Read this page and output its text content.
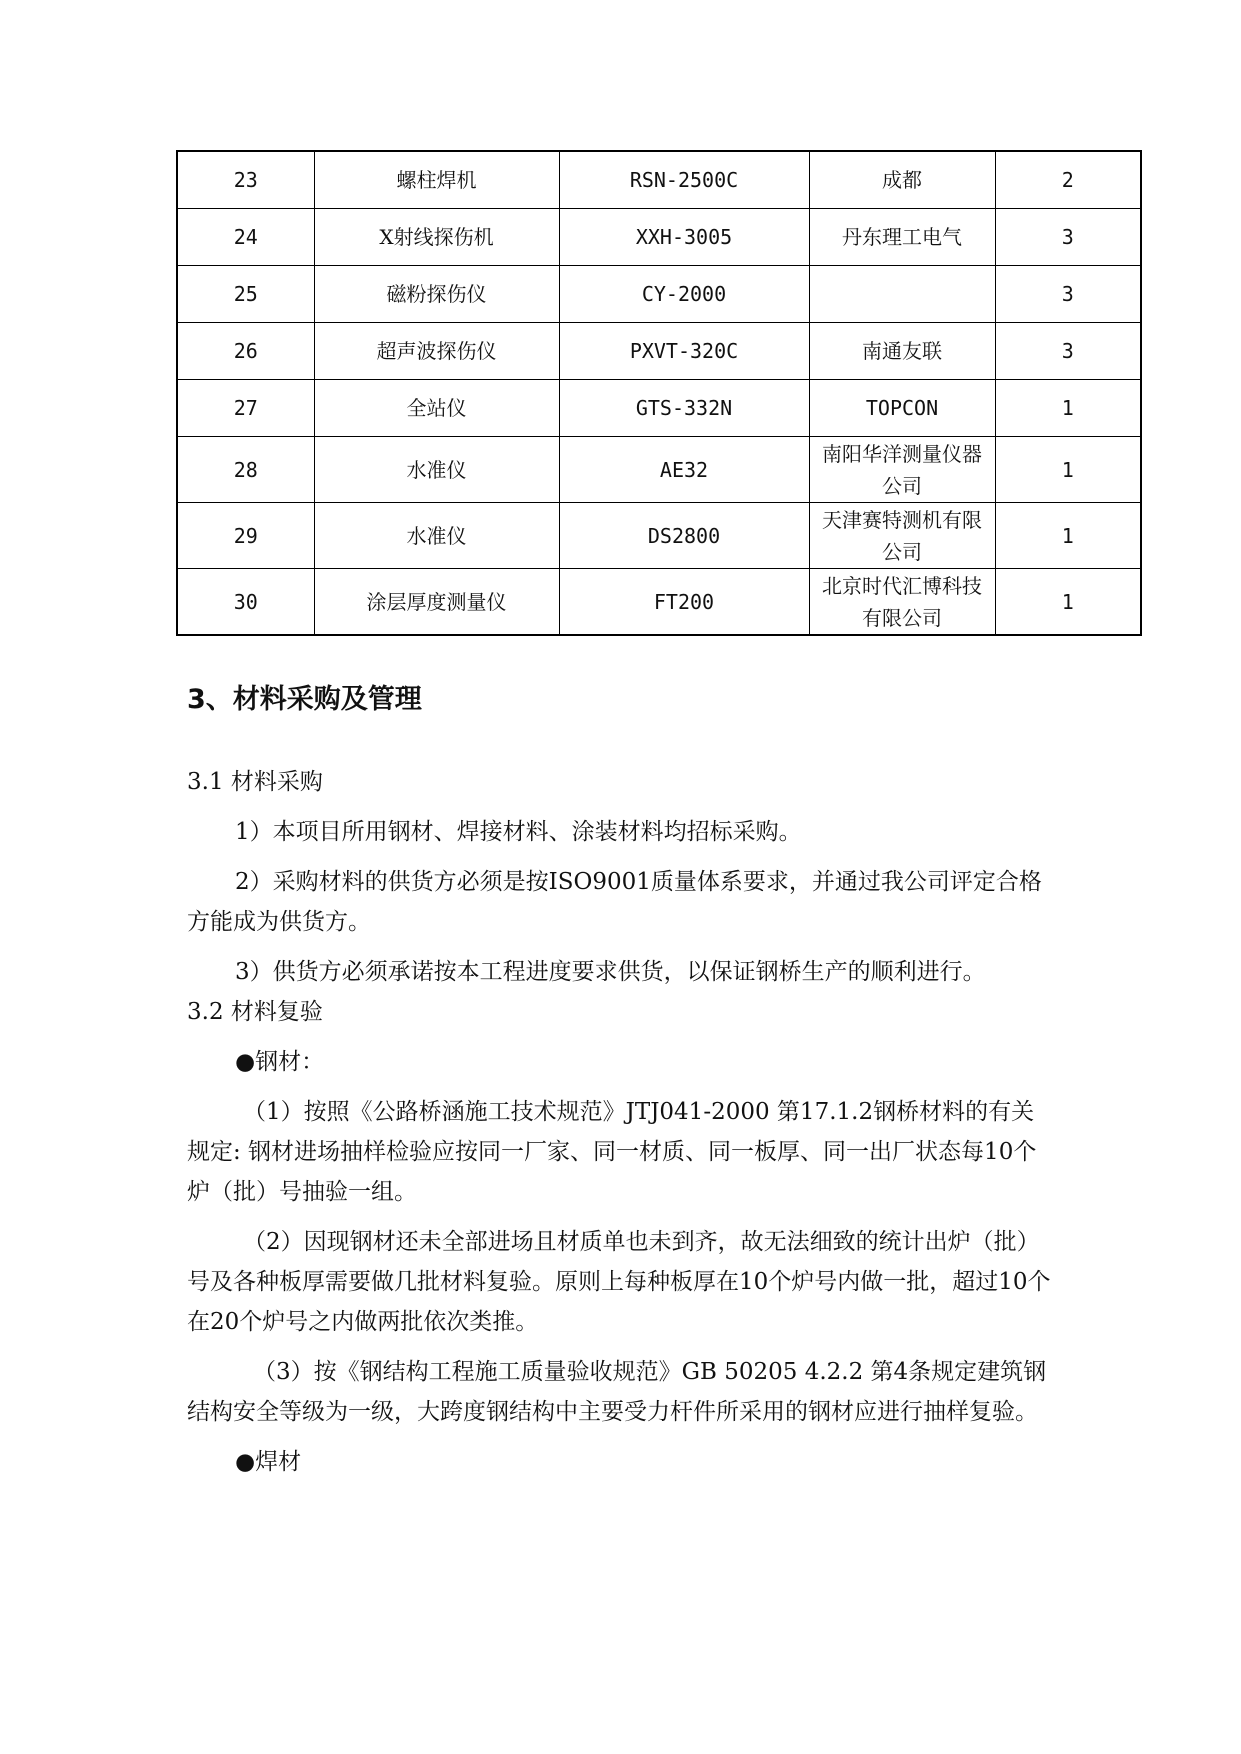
23	螺柱焊机	RSN-2500C	成都	2
24	X射线探伤机	XXH-3005	丹东理工电气	3
25	磁粉探伤仪	CY-2000		3
26	超声波探伤仪	PXVT-320C	南通友联	3
27	全站仪	GTS-332N	TOPCON	1
28	水准仪	AE32	南阳华洋测量仪器公司	1
29	水准仪	DS2800	天津赛特测机有限公司	1
30	涂层厚度测量仪	FT200	北京时代汇博科技有限公司	1
3、材料采购及管理

3.1 材料采购

1）本项目所用钢材、焊接材料、涂装材料均招标采购。

2）采购材料的供货方必须是按ISO9001质量体系要求，并通过我公司评定合格方能成为供货方。

3）供货方必须承诺按本工程进度要求供货，以保证钢桥生产的顺利进行。

3.2 材料复验

●钢材：

（1）按照《公路桥涵施工技术规范》JTJ041-2000 第17.1.2钢桥材料的有关规定: 钢材进场抽样检验应按同一厂家、同一材质、同一板厚、同一出厂状态每10个炉（批）号抽验一组。

（2）因现钢材还未全部进场且材质单也未到齐，故无法细致的统计出炉（批）号及各种板厚需要做几批材料复验。原则上每种板厚在10个炉号内做一批，超过10个在20个炉号之内做两批依次类推。

（3）按《钢结构工程施工质量验收规范》GB 50205 4.2.2 第4条规定建筑钢结构安全等级为一级，大跨度钢结构中主要受力杆件所采用的钢材应进行抽样复验。

●焊材
